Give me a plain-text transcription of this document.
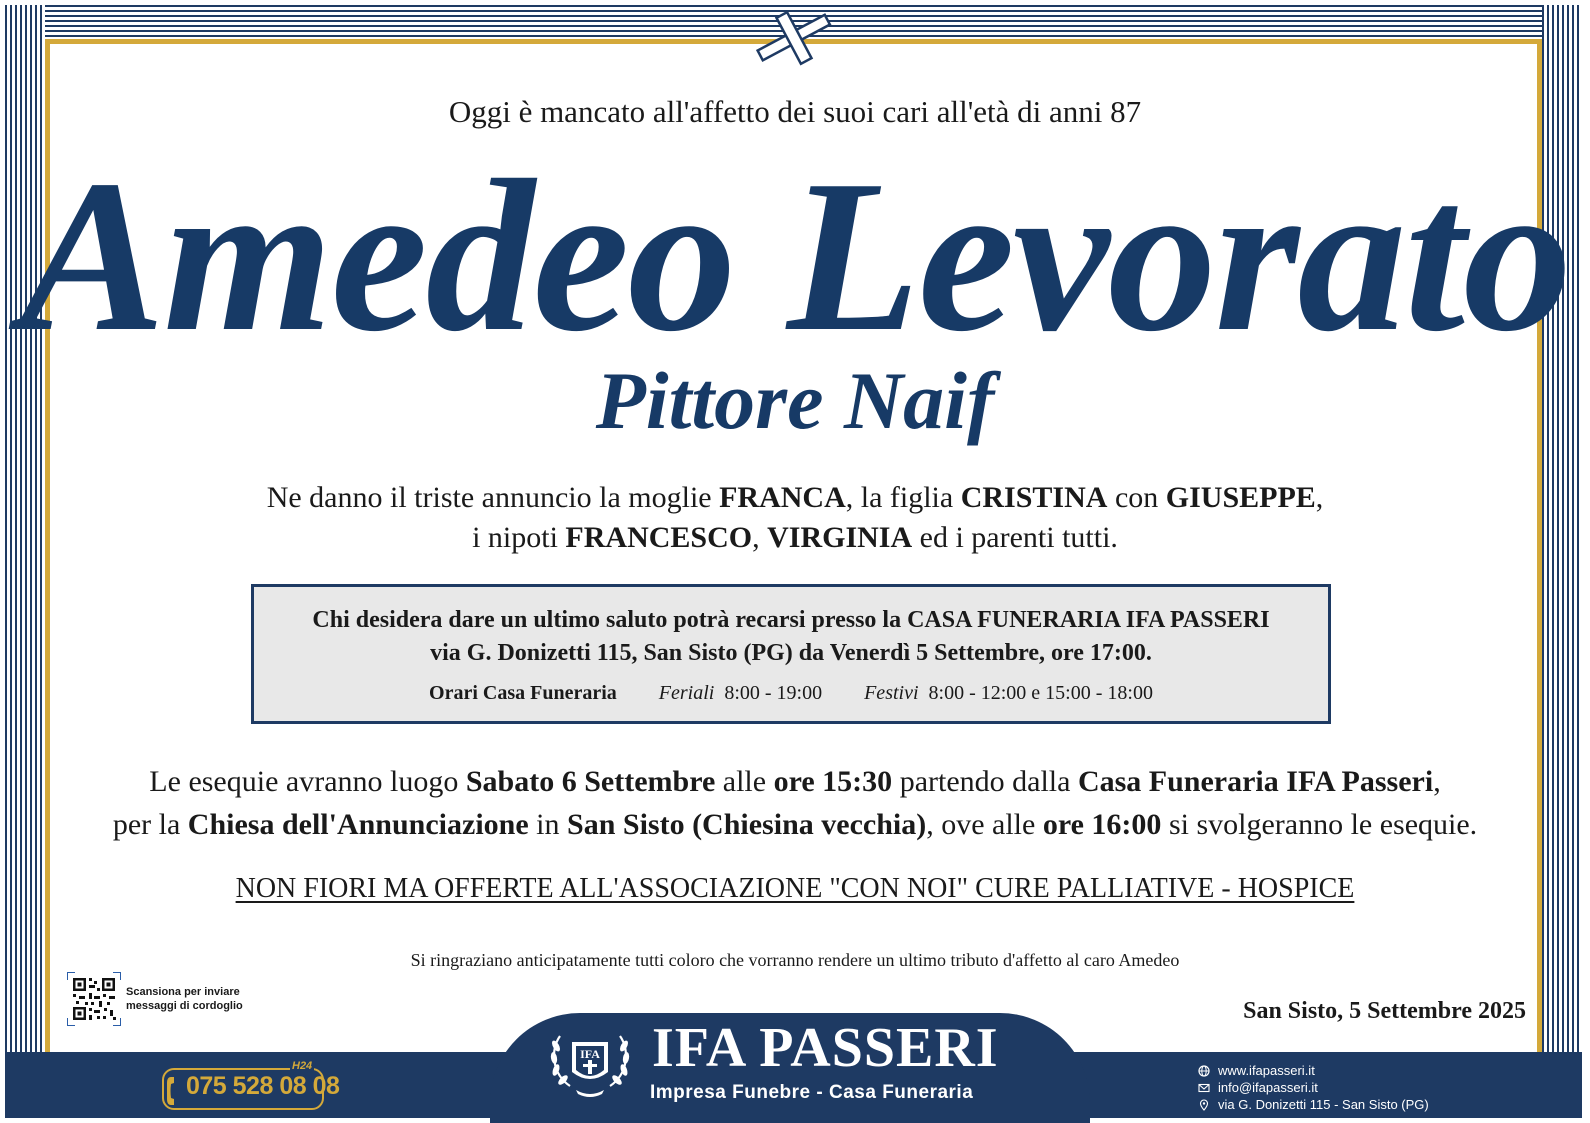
Oggi è mancato all'affetto dei suoi cari all'età di anni 87
Amedeo Levorato
Pittore Naif
Ne danno il triste annuncio la moglie FRANCA, la figlia CRISTINA con GIUSEPPE,
i nipoti FRANCESCO, VIRGINIA ed i parenti tutti.
Chi desidera dare un ultimo saluto potrà recarsi presso la CASA FUNERARIA IFA PASSERI
via G. Donizetti 115, San Sisto (PG) da Venerdì 5 Settembre, ore 17:00.
Orari Casa Funeraria Feriali 8:00 - 19:00 Festivi 8:00 - 12:00 e 15:00 - 18:00
Le esequie avranno luogo Sabato 6 Settembre alle ore 15:30 partendo dalla Casa Funeraria IFA Passeri,
per la Chiesa dell'Annunciazione in San Sisto (Chiesina vecchia), ove alle ore 16:00 si svolgeranno le esequie.
NON FIORI MA OFFERTE ALL'ASSOCIAZIONE "CON NOI" CURE PALLIATIVE - HOSPICE
Si ringraziano anticipatamente tutti coloro che vorranno rendere un ultimo tributo d'affetto al caro Amedeo
Scansiona per inviare
messaggi di cordoglio	San Sisto, 5 Settembre 2025
IFA IFA PASSERI
Impresa Funebre - Casa Funeraria
075 528 08 08
H24	www.ifapasseri.it
info@ifapasseri.it
via G. Donizetti 115 - San Sisto (PG)
